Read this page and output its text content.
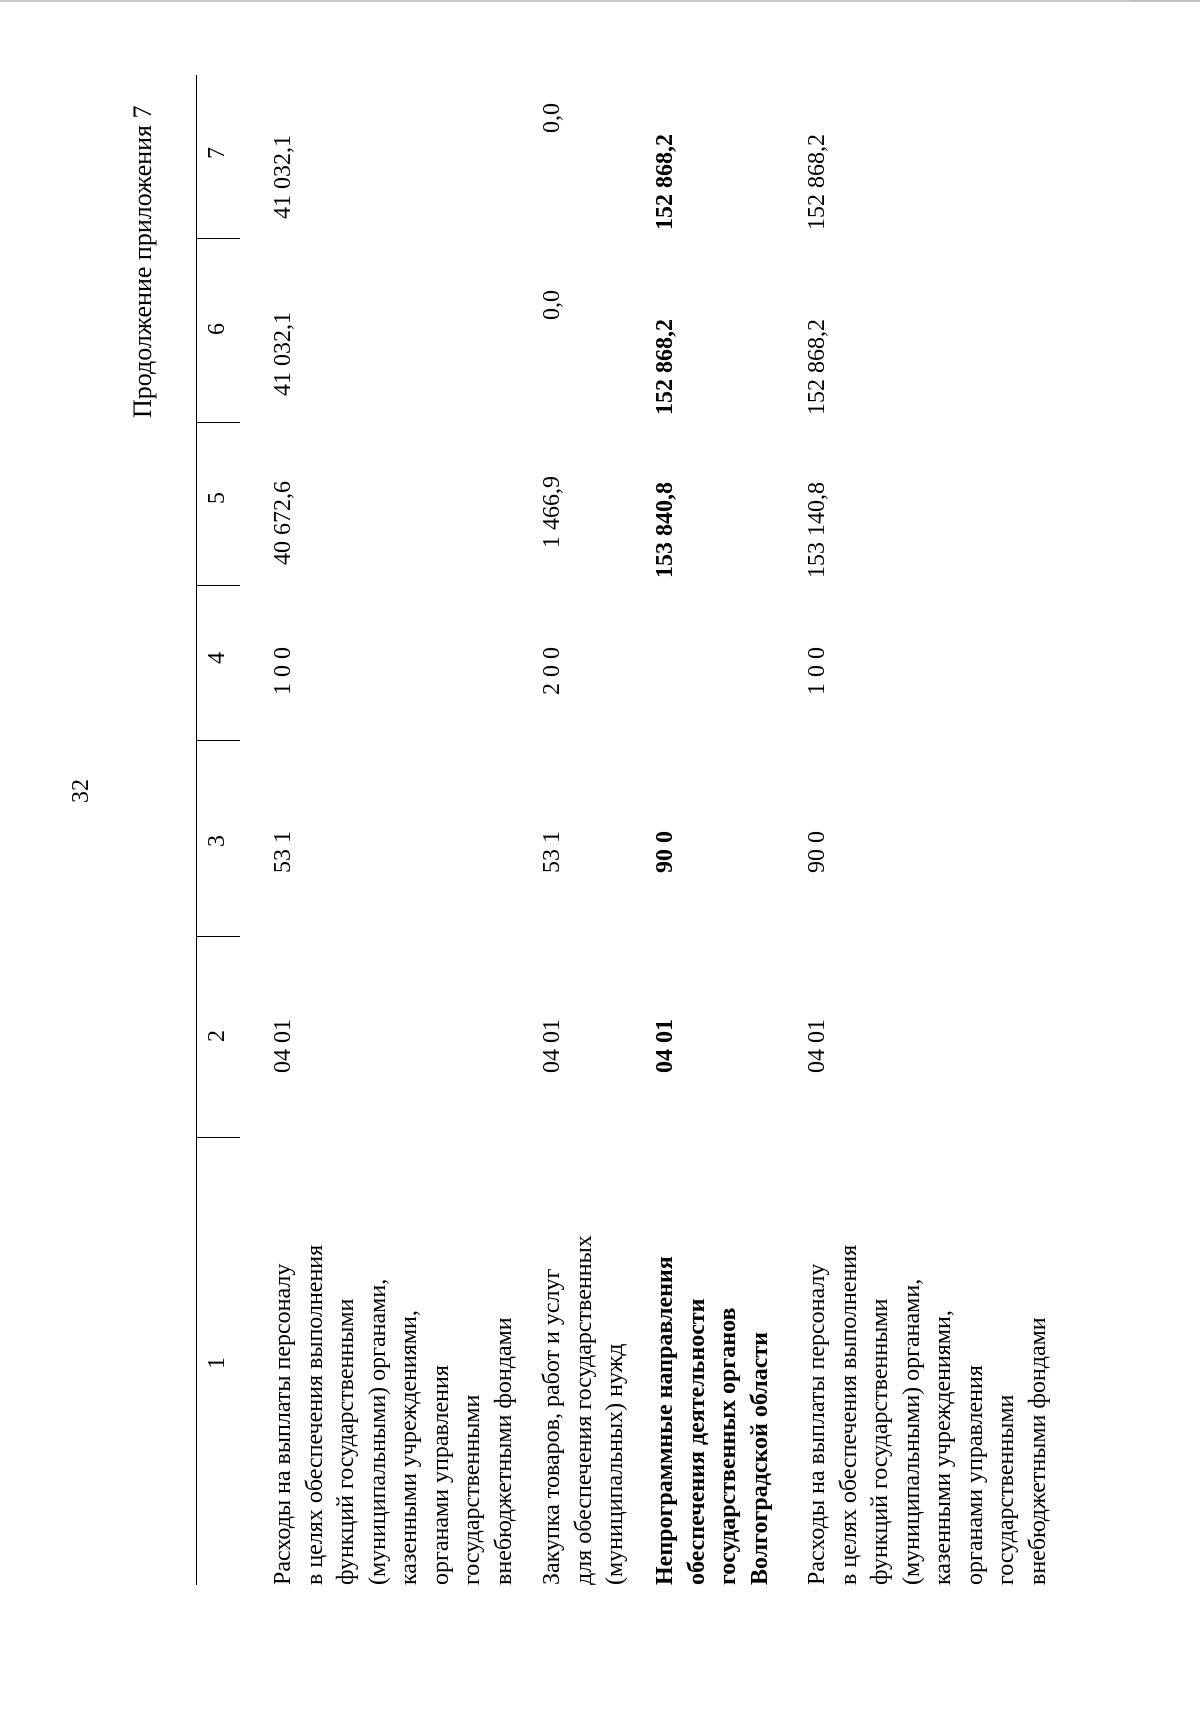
32
Продолжение приложения 7
1
2
3
4
5
6
7
Расходы на выплаты персоналу в целях обеспечения выполнения функций государственными (муниципальными) органами, казенными учреждениями, органами управления государственными внебюджетными фондами
04 01
53 1
1 0 0
40 672,6
41 032,1
41 032,1
Закупка товаров, работ и услуг для обеспечения государственных (муниципальных) нужд
04 01
53 1
2 0 0
1 466,9
0,0
0,0
Непрограммные направления обеспечения деятельности государственных органов Волгоградской области
04 01
90 0
153 840,8
152 868,2
152 868,2
Расходы на выплаты персоналу в целях обеспечения выполнения функций государственными (муниципальными) органами, казенными учреждениями, органами управления государственными внебюджетными фондами
04 01
90 0
1 0 0
153 140,8
152 868,2
152 868,2
